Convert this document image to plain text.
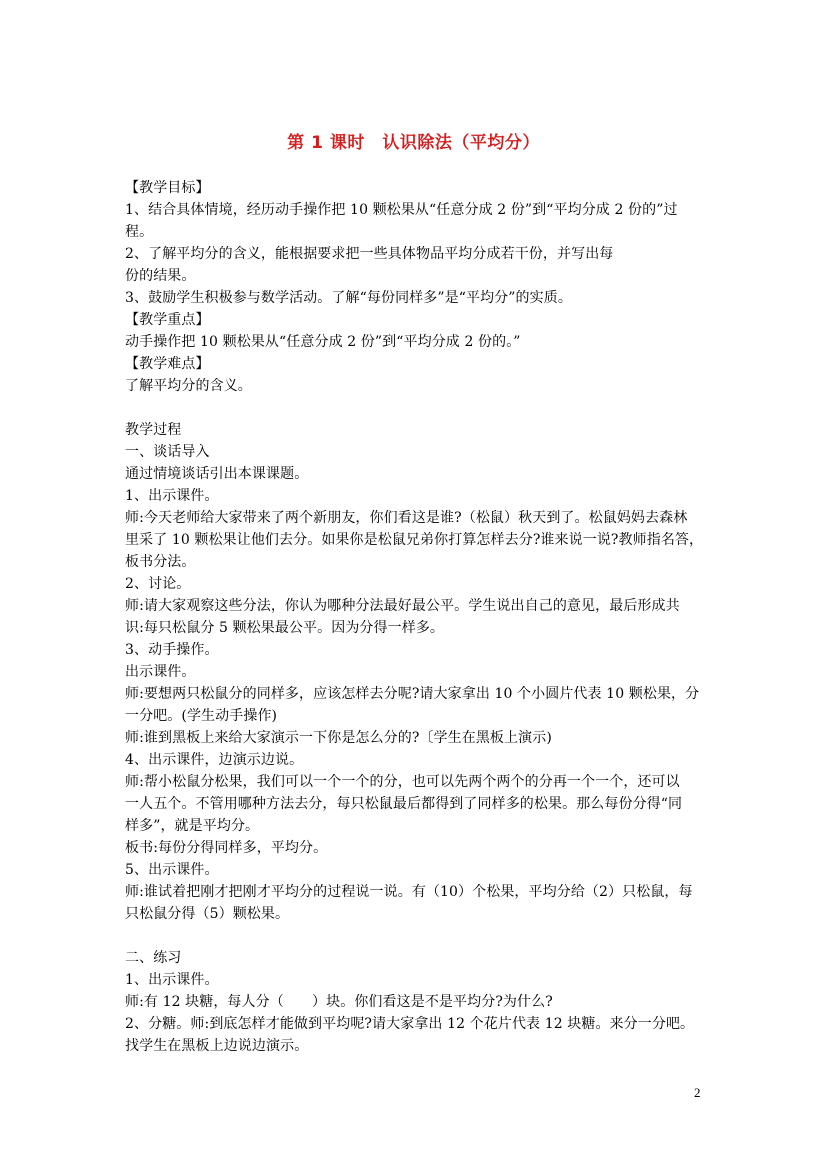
第 1 课时　认识除法（平均分）
【教学目标】
1、结合具体情境，经历动手操作把 10 颗松果从“任意分成 2 份”到“平均分成 2 份的”过
程。
2、了解平均分的含义，能根据要求把一些具体物品平均分成若干份，并写出每
份的结果。
3、鼓励学生积极参与数学活动。了解“每份同样多”是“平均分”的实质。
【教学重点】
动手操作把 10 颗松果从“任意分成 2 份”到“平均分成 2 份的。”
【教学难点】
了解平均分的含义。
教学过程
一、谈话导入
通过情境谈话引出本课课题。
1、出示课件。
师:今天老师给大家带来了两个新朋友，你们看这是谁?（松鼠）秋天到了。松鼠妈妈去森林
里采了 10 颗松果让他们去分。如果你是松鼠兄弟你打算怎样去分?谁来说一说?教师指名答，
板书分法。
2、讨论。
师:请大家观察这些分法，你认为哪种分法最好最公平。学生说出自己的意见，最后形成共
识:每只松鼠分 5 颗松果最公平。因为分得一样多。
3、动手操作。
出示课件。
师:要想两只松鼠分的同样多，应该怎样去分呢?请大家拿出 10 个小圆片代表 10 颗松果，分
一分吧。(学生动手操作)
师:谁到黑板上来给大家演示一下你是怎么分的?〔学生在黑板上演示)
4、出示课件，边演示边说。
师:帮小松鼠分松果，我们可以一个一个的分，也可以先两个两个的分再一个一个，还可以
一人五个。不管用哪种方法去分，每只松鼠最后都得到了同样多的松果。那么每份分得“同
样多”，就是平均分。
板书:每份分得同样多，平均分。
5、出示课件。
师:谁试着把刚才把刚才平均分的过程说一说。有（10）个松果，平均分给（2）只松鼠，每
只松鼠分得（5）颗松果。
二、练习
1、出示课件。
师:有 12 块糖，每人分（　　）块。你们看这是不是平均分?为什么?
2、分糖。师:到底怎样才能做到平均呢?请大家拿出 12 个花片代表 12 块糖。来分一分吧。
找学生在黑板上边说边演示。
2
